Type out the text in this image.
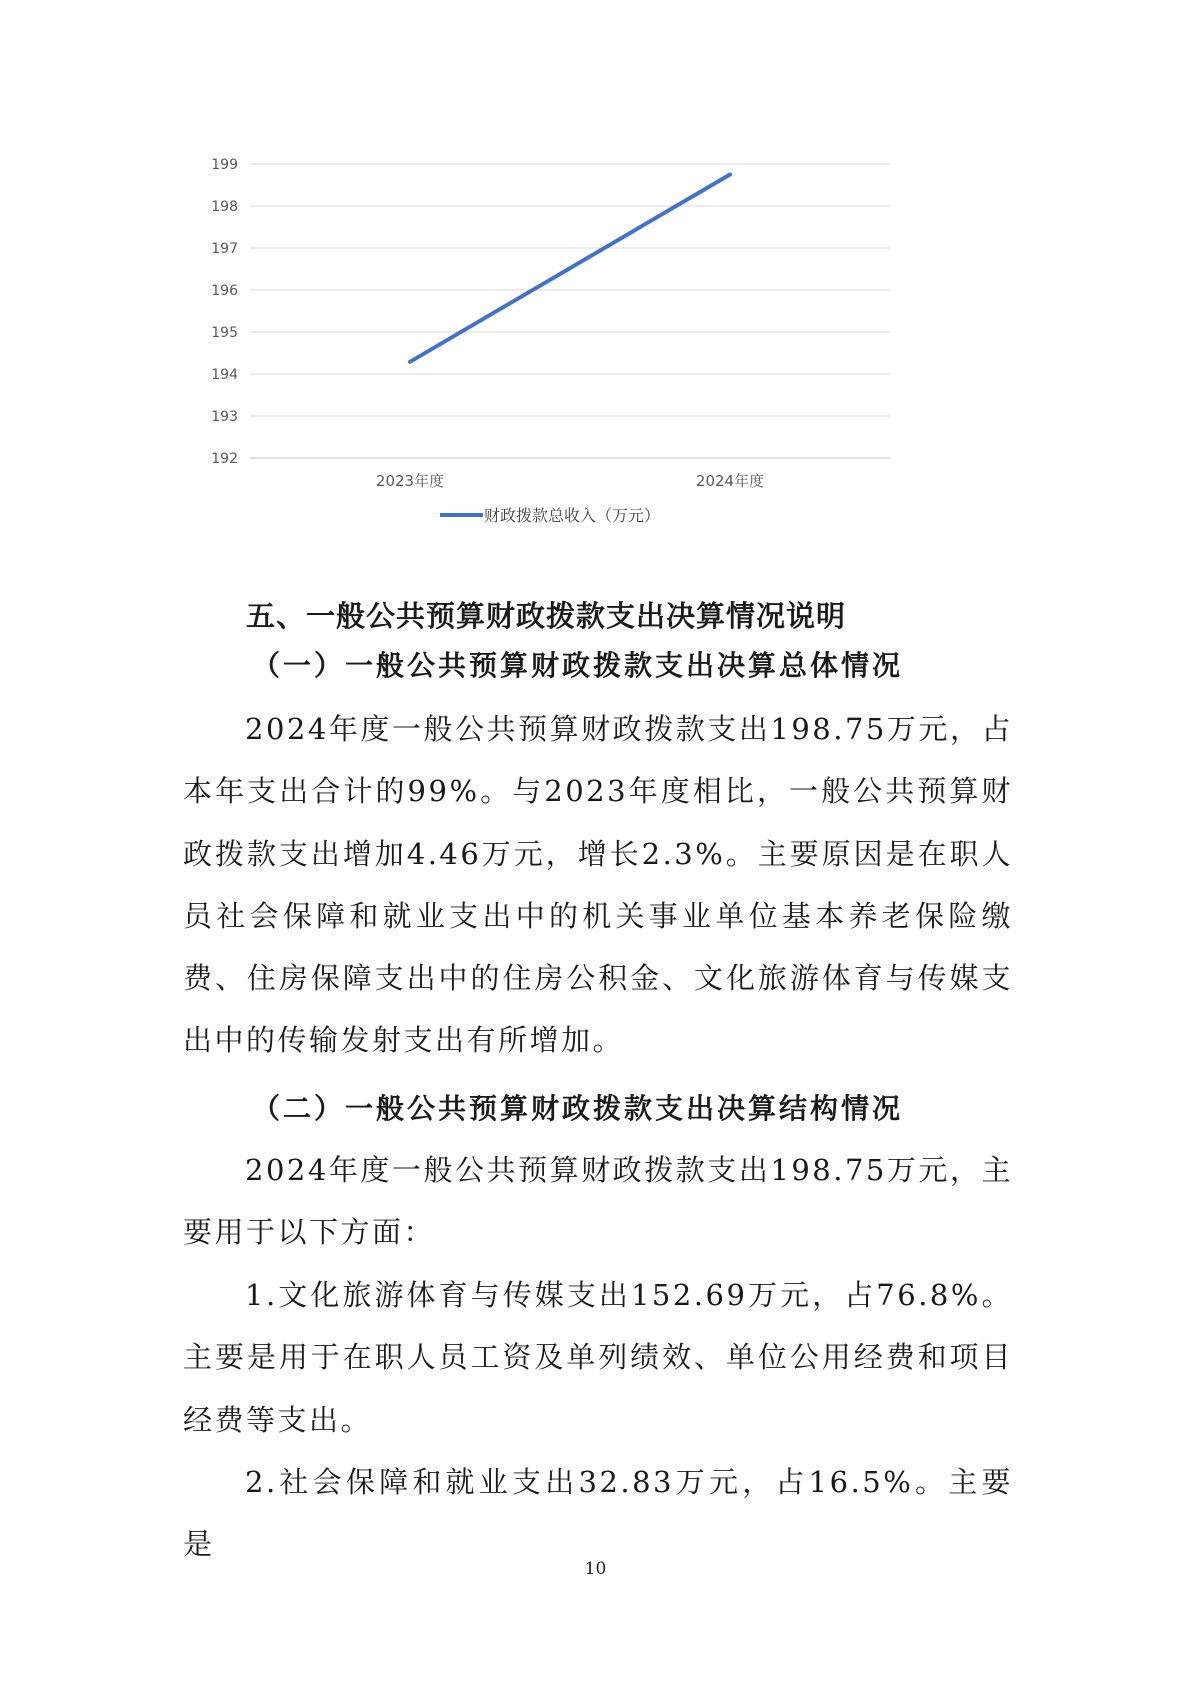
192
193
194
195
196
197
198
199
2023年度	2024年度
财政拨款总收入（万元）
五、一般公共预算财政拨款支出决算情况说明
（一）一般公共预算财政拨款支出决算总体情况

2024年度一般公共预算财政拨款支出198.75万元，占本年支出合计的99%。与2023年度相比，一般公共预算财政拨款支出增加4.46万元，增长2.3%。主要原因是在职人员社会保障和就业支出中的机关事业单位基本养老保险缴费、住房保障支出中的住房公积金、文化旅游体育与传媒支出中的传输发射支出有所增加。

（二）一般公共预算财政拨款支出决算结构情况

2024年度一般公共预算财政拨款支出198.75万元，主要用于以下方面：

1.文化旅游体育与传媒支出152.69万元，占76.8%。主要是用于在职人员工资及单列绩效、单位公用经费和项目经费等支出。

2.社会保障和就业支出32.83万元，占16.5%。主要是

10
